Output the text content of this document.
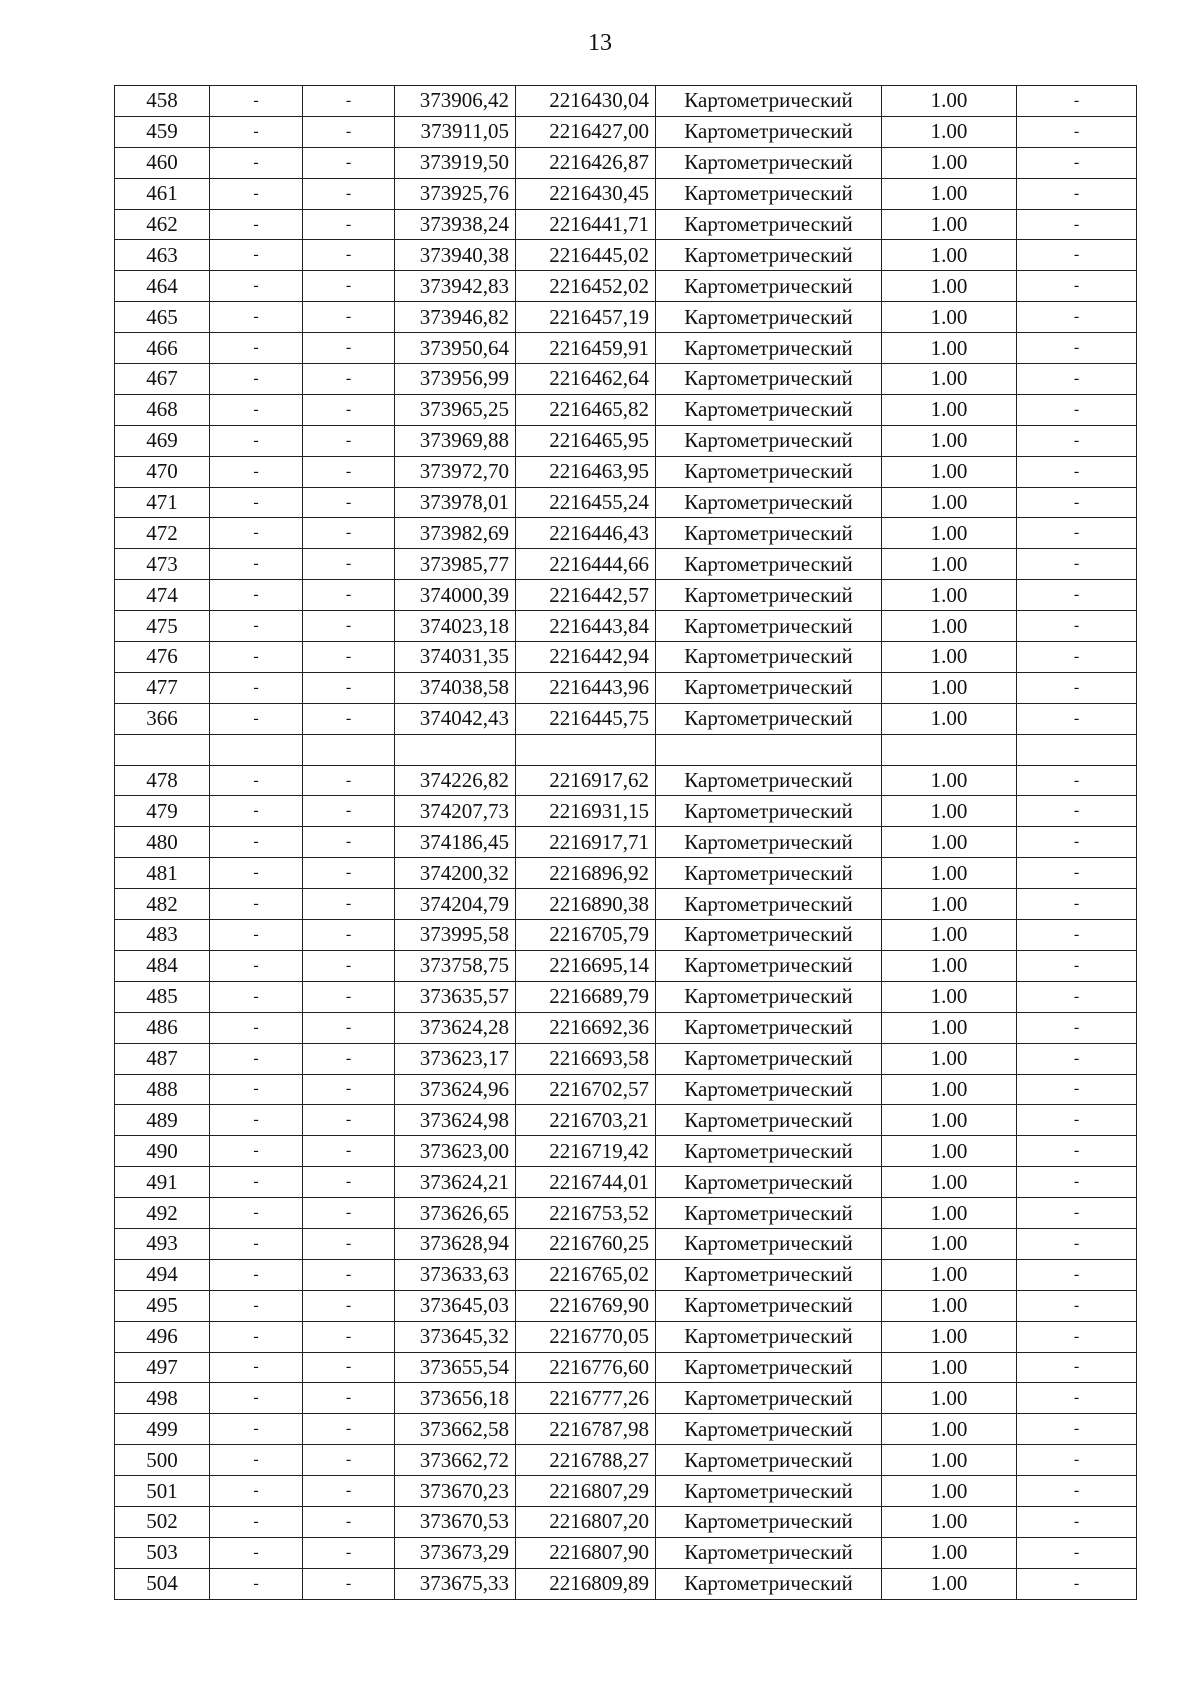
13
458	-	-	373906,42	2216430,04	Картометрический	1.00	-
459	-	-	373911,05	2216427,00	Картометрический	1.00	-
460	-	-	373919,50	2216426,87	Картометрический	1.00	-
461	-	-	373925,76	2216430,45	Картометрический	1.00	-
462	-	-	373938,24	2216441,71	Картометрический	1.00	-
463	-	-	373940,38	2216445,02	Картометрический	1.00	-
464	-	-	373942,83	2216452,02	Картометрический	1.00	-
465	-	-	373946,82	2216457,19	Картометрический	1.00	-
466	-	-	373950,64	2216459,91	Картометрический	1.00	-
467	-	-	373956,99	2216462,64	Картометрический	1.00	-
468	-	-	373965,25	2216465,82	Картометрический	1.00	-
469	-	-	373969,88	2216465,95	Картометрический	1.00	-
470	-	-	373972,70	2216463,95	Картометрический	1.00	-
471	-	-	373978,01	2216455,24	Картометрический	1.00	-
472	-	-	373982,69	2216446,43	Картометрический	1.00	-
473	-	-	373985,77	2216444,66	Картометрический	1.00	-
474	-	-	374000,39	2216442,57	Картометрический	1.00	-
475	-	-	374023,18	2216443,84	Картометрический	1.00	-
476	-	-	374031,35	2216442,94	Картометрический	1.00	-
477	-	-	374038,58	2216443,96	Картометрический	1.00	-
366	-	-	374042,43	2216445,75	Картометрический	1.00	-

478	-	-	374226,82	2216917,62	Картометрический	1.00	-
479	-	-	374207,73	2216931,15	Картометрический	1.00	-
480	-	-	374186,45	2216917,71	Картометрический	1.00	-
481	-	-	374200,32	2216896,92	Картометрический	1.00	-
482	-	-	374204,79	2216890,38	Картометрический	1.00	-
483	-	-	373995,58	2216705,79	Картометрический	1.00	-
484	-	-	373758,75	2216695,14	Картометрический	1.00	-
485	-	-	373635,57	2216689,79	Картометрический	1.00	-
486	-	-	373624,28	2216692,36	Картометрический	1.00	-
487	-	-	373623,17	2216693,58	Картометрический	1.00	-
488	-	-	373624,96	2216702,57	Картометрический	1.00	-
489	-	-	373624,98	2216703,21	Картометрический	1.00	-
490	-	-	373623,00	2216719,42	Картометрический	1.00	-
491	-	-	373624,21	2216744,01	Картометрический	1.00	-
492	-	-	373626,65	2216753,52	Картометрический	1.00	-
493	-	-	373628,94	2216760,25	Картометрический	1.00	-
494	-	-	373633,63	2216765,02	Картометрический	1.00	-
495	-	-	373645,03	2216769,90	Картометрический	1.00	-
496	-	-	373645,32	2216770,05	Картометрический	1.00	-
497	-	-	373655,54	2216776,60	Картометрический	1.00	-
498	-	-	373656,18	2216777,26	Картометрический	1.00	-
499	-	-	373662,58	2216787,98	Картометрический	1.00	-
500	-	-	373662,72	2216788,27	Картометрический	1.00	-
501	-	-	373670,23	2216807,29	Картометрический	1.00	-
502	-	-	373670,53	2216807,20	Картометрический	1.00	-
503	-	-	373673,29	2216807,90	Картометрический	1.00	-
504	-	-	373675,33	2216809,89	Картометрический	1.00	-
